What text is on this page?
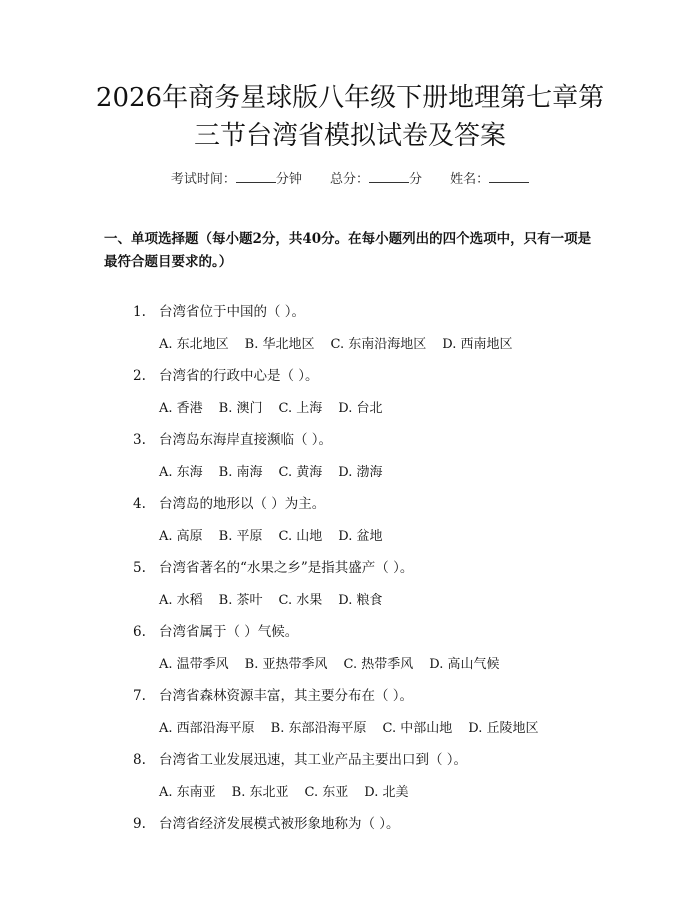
2026年商务星球版八年级下册地理第七章第
三节台湾省模拟试卷及答案
考试时间：	分钟 总分：	分 姓名：
一、单项选择题（每小题2分，共40分。在每小题列出的四个选项中，只有一项是最符合题目要求的。）
1. 台湾省位于中国的（ ）。
A. 东北地区 B. 华北地区 C. 东南沿海地区 D. 西南地区
2. 台湾省的行政中心是（ ）。
A. 香港 B. 澳门 C. 上海 D. 台北
3. 台湾岛东海岸直接濒临（ ）。
A. 东海 B. 南海 C. 黄海 D. 渤海
4. 台湾岛的地形以（ ）为主。
A. 高原 B. 平原 C. 山地 D. 盆地
5. 台湾省著名的“水果之乡”是指其盛产（ ）。
A. 水稻 B. 茶叶 C. 水果 D. 粮食
6. 台湾省属于（ ）气候。
A. 温带季风 B. 亚热带季风 C. 热带季风 D. 高山气候
7. 台湾省森林资源丰富，其主要分布在（ ）。
A. 西部沿海平原 B. 东部沿海平原 C. 中部山地 D. 丘陵地区
8. 台湾省工业发展迅速，其工业产品主要出口到（ ）。
A. 东南亚 B. 东北亚 C. 东亚 D. 北美
9. 台湾省经济发展模式被形象地称为（ ）。
